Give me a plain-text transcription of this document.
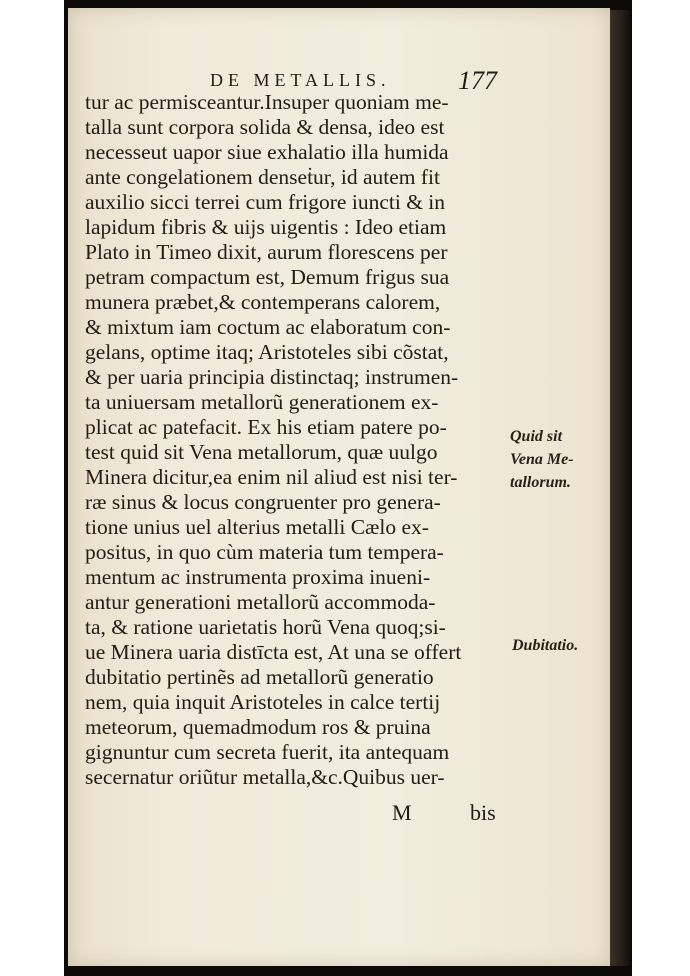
DE METALLIS.	177
tur ac permisceantur.Insuper quoniam me-
talla sunt corpora solida & densa, ideo est
necesseut uapor siue exhalatio illa humida
ante congelationem denseṫur, id autem fit
auxilio sicci terrei cum frigore iuncti & in
lapidum fibris & uijs uigentis : Ideo etiam
Plato in Timeo dixit, aurum florescens per
petram compactum est, Demum frigus sua
munera præbet,& contemperans calorem,
& mixtum iam coctum ac elaboratum con-
gelans, optime itaq; Aristoteles sibi cõstat,
& per uaria principia distinctaq; instrumen-
ta uniuersam metallorũ generationem ex-
plicat ac patefacit. Ex his etiam patere po-
test quid sit Vena metallorum, quæ uulgo
Minera dicitur,ea enim nil aliud est nisi ter-
ræ sinus & locus congruenter pro genera-
tione unius uel alterius metalli Cælo ex-
positus, in quo cùm materia tum tempera-
mentum ac instrumenta proxima inueni-
antur generationi metallorũ accommoda-
ta, & ratione uarietatis horũ Vena quoq;si-
ue Minera uaria distīcta est, At una se offert
dubitatio pertinẽs ad metallorũ generatio
nem, quia inquit Aristoteles in calce tertij
meteorum, quemadmodum ros & pruina
gignuntur cum secreta fuerit, ita antequam
secernatur oriũtur metalla,&c.Quibus uer-
M	bis
Quid sit
Vena Me-
tallorum.
Dubitatio.
